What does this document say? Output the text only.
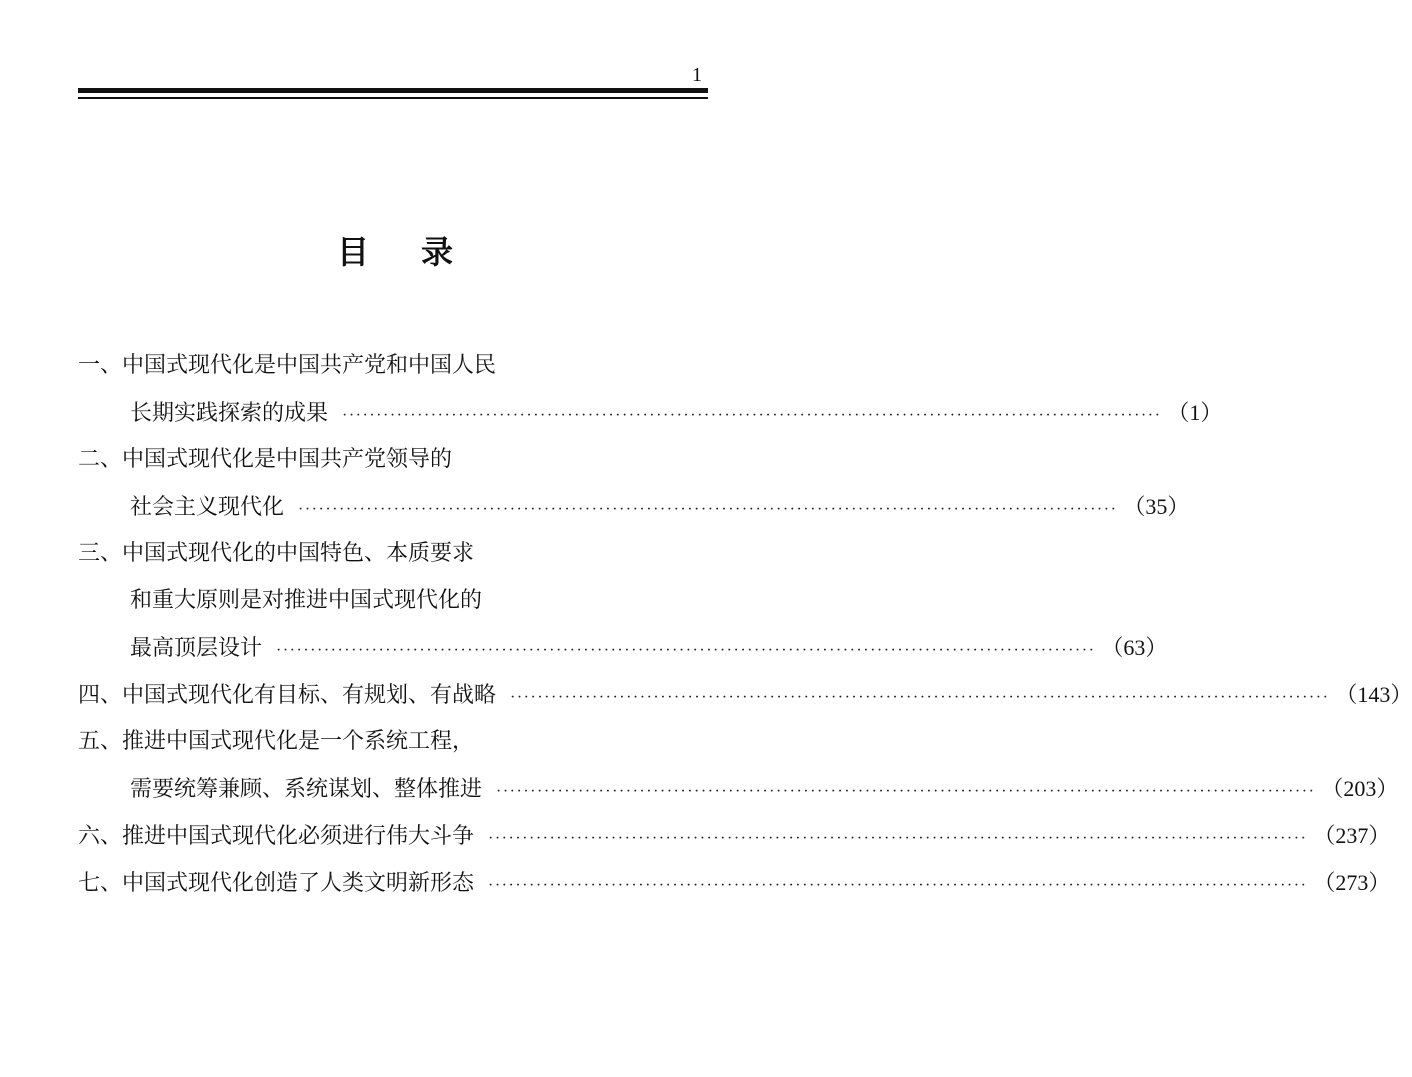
1
目录
一、中国式现代化是中国共产党和中国人民
长期实践探索的成果 ························································································································ （1）
二、中国式现代化是中国共产党领导的
社会主义现代化 ························································································································ （35）
三、中国式现代化的中国特色、本质要求
和重大原则是对推进中国式现代化的
最高顶层设计 ························································································································ （63）
四、中国式现代化有目标、有规划、有战略 ························································································································ （143）
五、推进中国式现代化是一个系统工程，
需要统筹兼顾、系统谋划、整体推进 ························································································································ （203）
六、推进中国式现代化必须进行伟大斗争 ························································································································ （237）
七、中国式现代化创造了人类文明新形态 ························································································································ （273）
